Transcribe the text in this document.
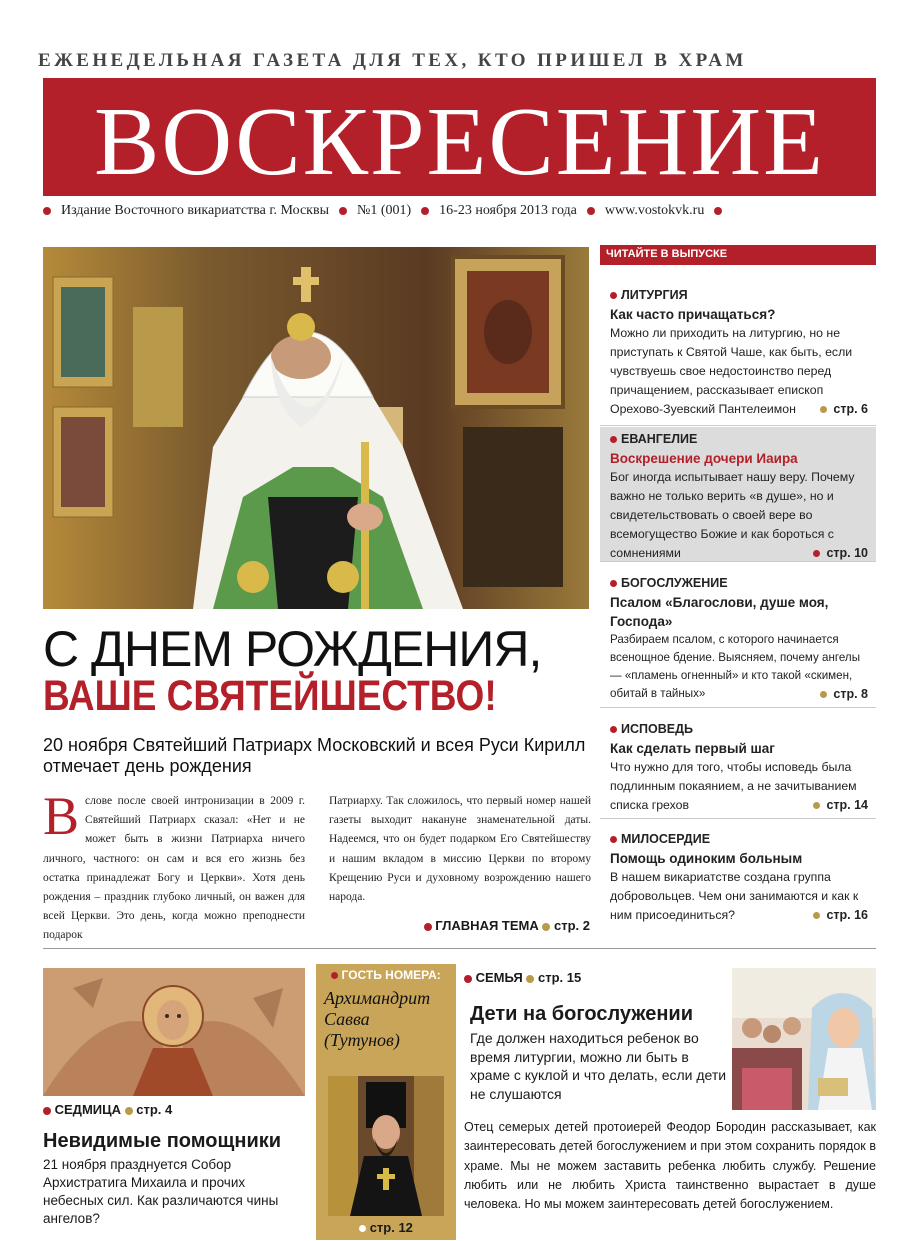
ЕЖЕНЕДЕЛЬНАЯ ГАЗЕТА ДЛЯ ТЕХ, КТО ПРИШЕЛ В ХРАМ
ВОСКРЕСЕНИЕ
Издание Восточного викариатства г. Москвы №1 (001) 16-23 ноября 2013 года www.vostokvk.ru
С ДНЕМ РОЖДЕНИЯ,
ВАШЕ СВЯТЕЙШЕСТВО!
20 ноября Святейший Патриарх Московский и всея Руси Кирилл отмечает день рождения
В слове после своей интронизации в 2009 г. Святейший Патриарх сказал: «Нет и не может быть в жизни Патриарха ничего личного, частного: он сам и вся его жизнь без остатка принадлежат Богу и Церкви». Хотя день рождения – праздник глубоко личный, он важен для всей Церкви. Это день, когда можно преподнести подарок
Патриарху. Так сложилось, что первый номер нашей газеты выходит накануне знаменательной даты. Надеемся, что он будет подарком Его Святейшеству и нашим вкладом в миссию Церкви по второму Крещению Руси и духовному возрождению нашего народа.
ГЛАВНАЯ ТЕМА стр. 2
ЧИТАЙТЕ В ВЫПУСКЕ
ЛИТУРГИЯ
Как часто причащаться?
Можно ли приходить на литургию, но не приступать к Святой Чаше, как быть, если чувствуешь свое недостоинство перед причащением, рассказывает епископ Орехово-Зуевский Пантелеимон	стр. 6
ЕВАНГЕЛИЕ
Воскрешение дочери Иаира
Бог иногда испытывает нашу веру. Почему важно не только верить «в душе», но и свидетельствовать о своей вере во всемогущество Божие и как бороться с сомнениями	стр. 10
БОГОСЛУЖЕНИЕ
Псалом «Благослови, душе моя, Господа»
Разбираем псалом, с которого начинается всенощное бдение. Выясняем, почему ангелы — «пламень огненный» и кто такой «скимен, обитай в тайных»	стр. 8
ИСПОВЕДЬ
Как сделать первый шаг
Что нужно для того, чтобы исповедь была подлинным покаянием, а не зачитыванием списка грехов	стр. 14
МИЛОСЕРДИЕ
Помощь одиноким больным
В нашем викариатстве создана группа добровольцев. Чем они занимаются и как к ним присоединиться?	стр. 16
СЕДМИЦА стр. 4
Невидимые помощники
21 ноября празднуется Собор Архистратига Михаила и прочих небесных сил. Как различаются чины ангелов?
ГОСТЬ НОМЕРА:
Архимандрит Савва (Тутунов)
стр. 12
СЕМЬЯ стр. 15
Дети на богослужении
Где должен находиться ребенок во время литургии, можно ли быть в храме с куклой и что делать, если дети не слушаются
Отец семерых детей протоиерей Феодор Бородин рассказывает, как заинтересовать детей богослужением и при этом сохранить порядок в храме. Мы не можем заставить ребенка любить службу. Решение любить или не любить Христа таинственно вырастает в душе человека. Но мы можем заинтересовать детей богослужением.
